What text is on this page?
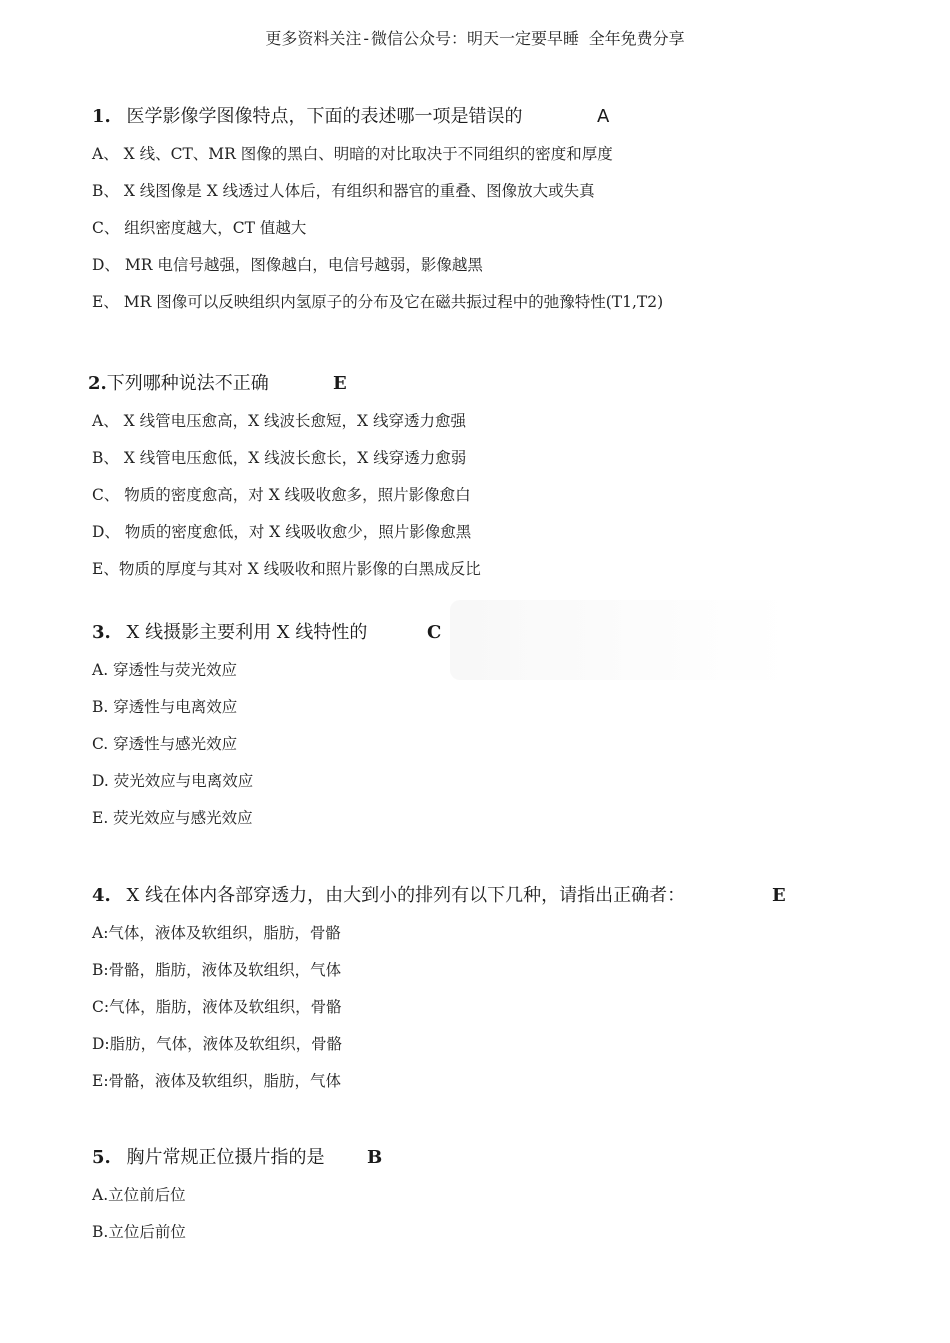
更多资料关注-微信公众号：明天一定要早睡 全年免费分享
1. 医学影像学图像特点，下面的表述哪一项是错误的	A
A、 X 线、CT、MR 图像的黑白、明暗的对比取决于不同组织的密度和厚度
B、 X 线图像是 X 线透过人体后，有组织和器官的重叠、图像放大或失真
C、 组织密度越大，CT 值越大
D、 MR 电信号越强，图像越白，电信号越弱，影像越黑
E、 MR 图像可以反映组织内氢原子的分布及它在磁共振过程中的弛豫特性(T1,T2)
2.下列哪种说法不正确	E
A、 X 线管电压愈高，X 线波长愈短，X 线穿透力愈强
B、 X 线管电压愈低，X 线波长愈长，X 线穿透力愈弱
C、 物质的密度愈高，对 X 线吸收愈多，照片影像愈白
D、 物质的密度愈低，对 X 线吸收愈少，照片影像愈黑
E、物质的厚度与其对 X 线吸收和照片影像的白黑成反比
3. X 线摄影主要利用 X 线特性的	C
A. 穿透性与荧光效应
B. 穿透性与电离效应
C. 穿透性与感光效应
D. 荧光效应与电离效应
E. 荧光效应与感光效应
4. X 线在体内各部穿透力，由大到小的排列有以下几种，请指出正确者：	E
A:气体，液体及软组织，脂肪，骨骼
B:骨骼，脂肪，液体及软组织，气体
C:气体，脂肪，液体及软组织，骨骼
D:脂肪，气体，液体及软组织，骨骼
E:骨骼，液体及软组织，脂肪，气体
5. 胸片常规正位摄片指的是 B
A.立位前后位
B.立位后前位
